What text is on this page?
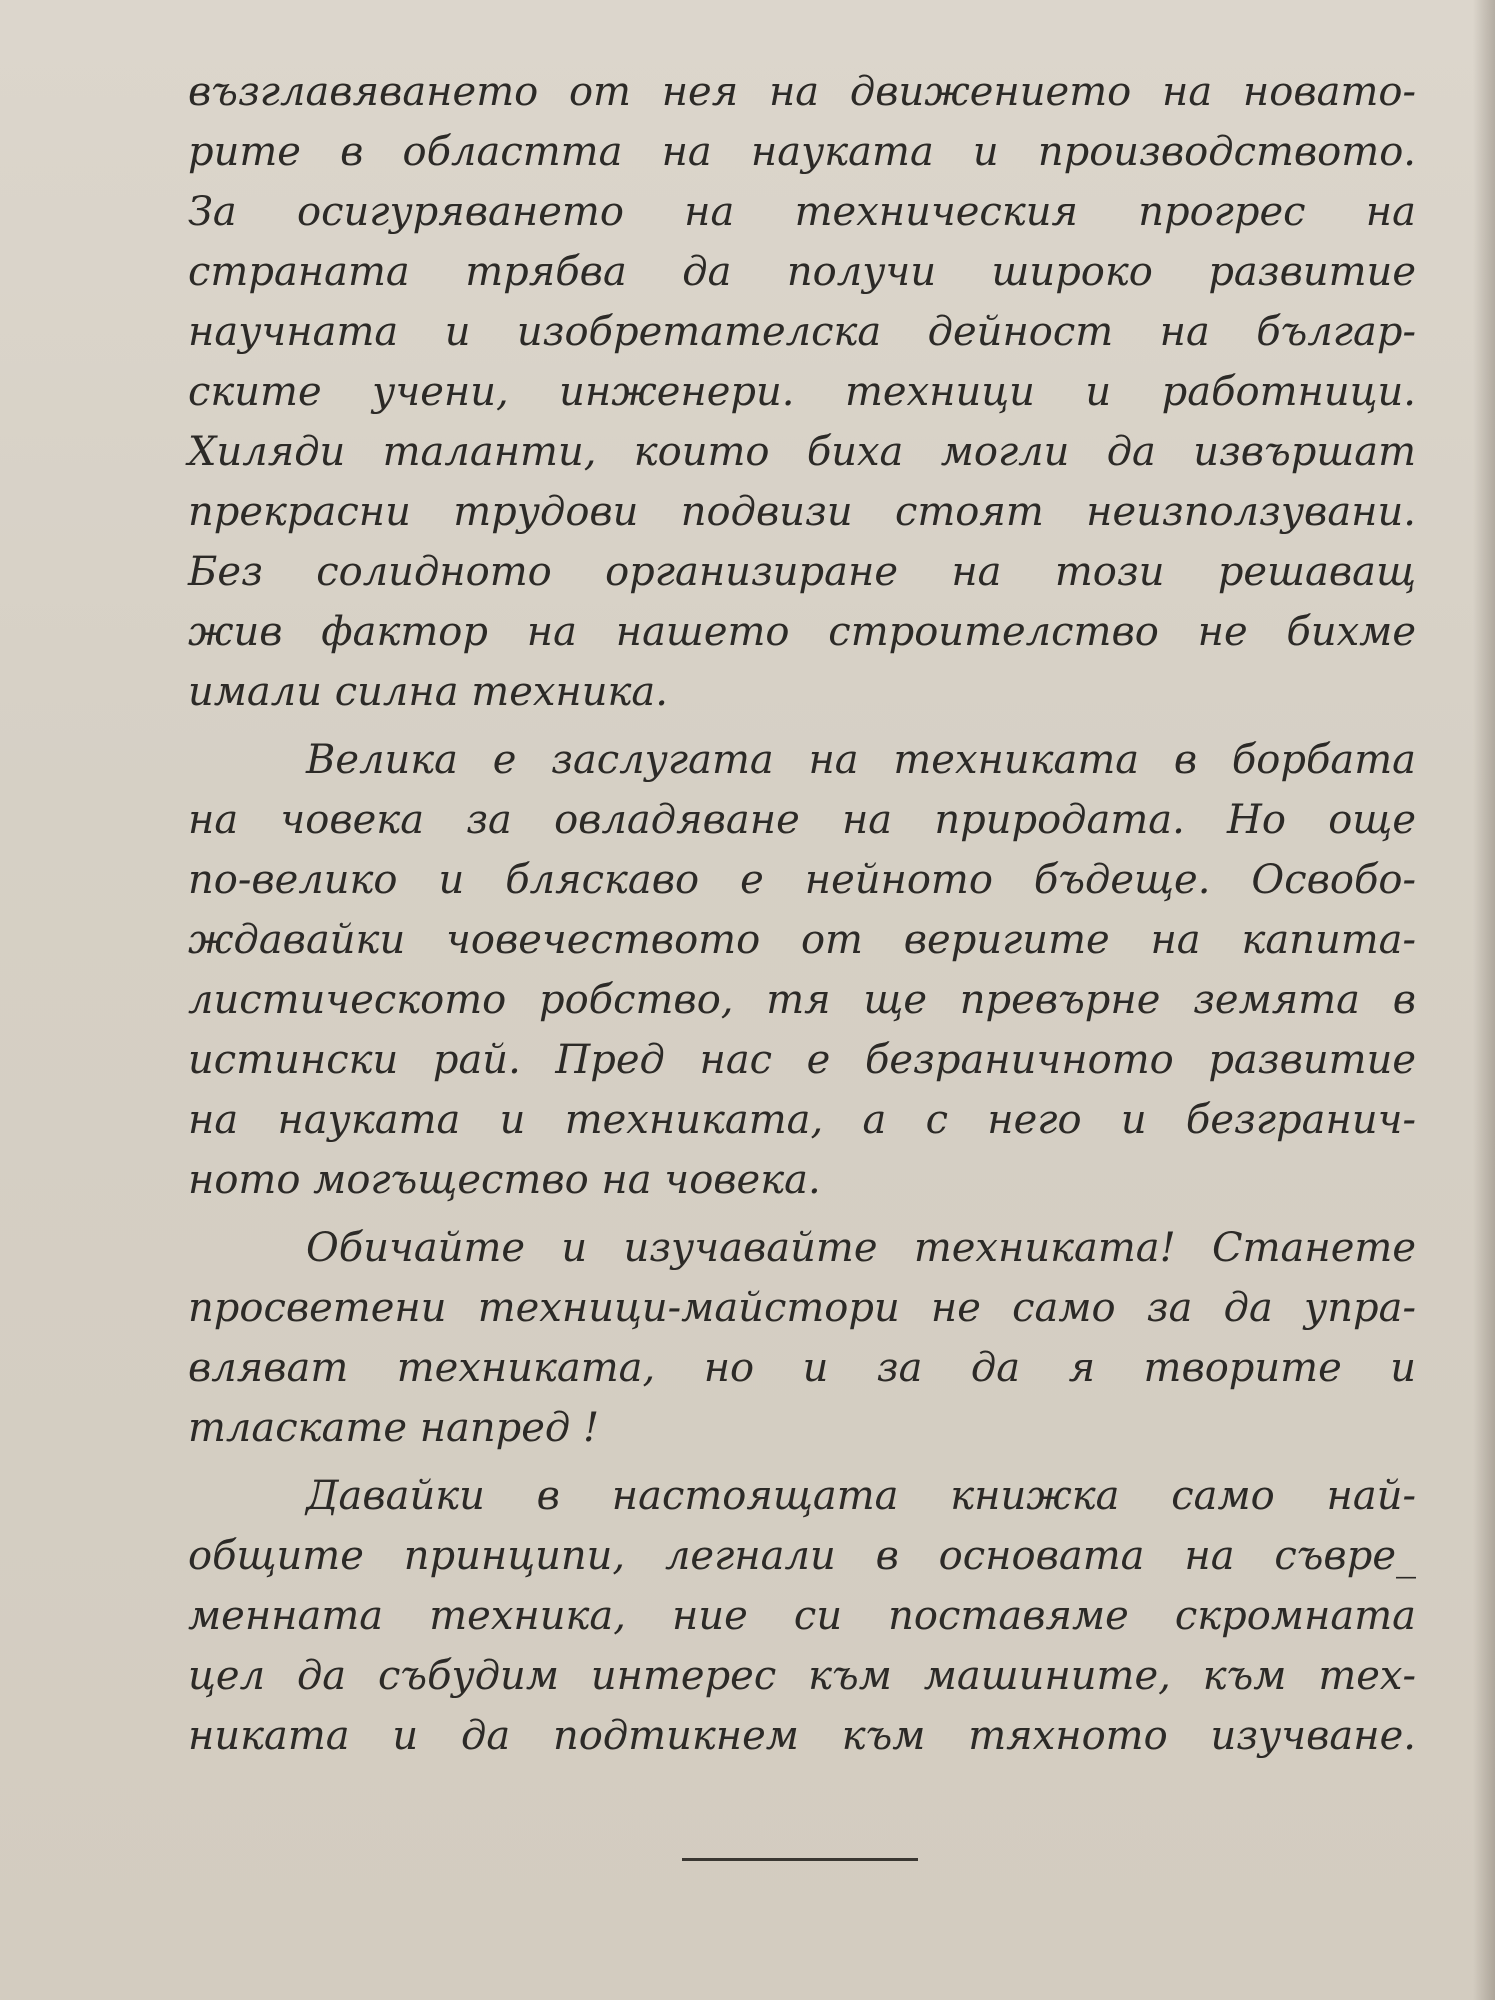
възглавяването от нея на движението на новато-
рите в областта на науката и производството.
За осигуряването на техническия прогрес на
страната трябва да получи широко развитие
научната и изобретателска дейност на българ-
ските учени, инженери. техници и работници.
Хиляди таланти, които биха могли да извършат
прекрасни трудови подвизи стоят неизползувани.
Без солидното организиране на този решаващ
жив фактор на нашето строителство не бихме
имали силна техника.
Велика е заслугата на техниката в борбата
на човека за овладяване на природата. Но още
по-велико и бляскаво е нейното бъдеще. Освобо-
ждавайки човечеството от веригите на капита-
листическото робство, тя ще превърне земята в
истински рай. Пред нас е безраничното развитие
на науката и техниката, а с него и безгранич-
ното могъщество на човека.
Обичайте и изучавайте техниката! Станете
просветени техници-майстори не само за да упра-
вляват техниката, но и за да я творите и
тласкате напред !
Давайки в настоящата книжка само най-
общите принципи, легнали в основата на съвре_
менната техника, ние си поставяме скромната
цел да събудим интерес към машините, към тех-
никата и да подтикнем към тяхното изучване.
